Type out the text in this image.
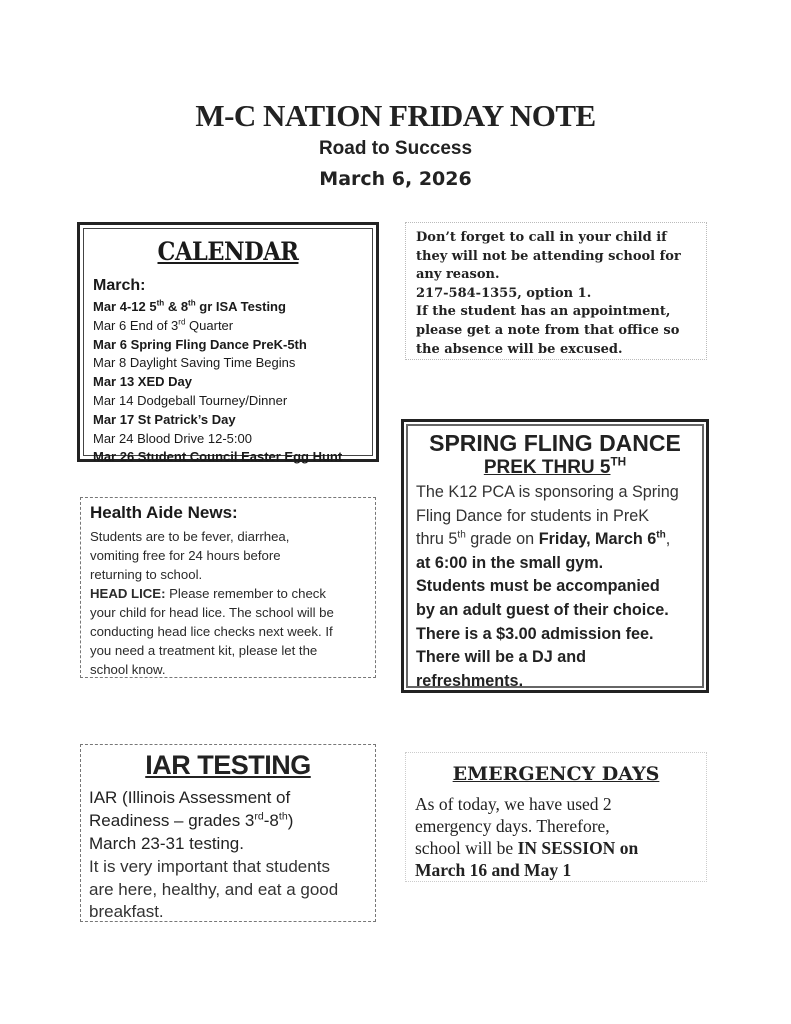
M-C NATION FRIDAY NOTE
Road to Success
March 6, 2026
CALENDAR
March:
Mar 4-12 5th & 8th gr ISA Testing
Mar 6 End of 3rd Quarter
Mar 6 Spring Fling Dance PreK-5th
Mar 8 Daylight Saving Time Begins
Mar 13 XED Day
Mar 14 Dodgeball Tourney/Dinner
Mar 17 St Patrick’s Day
Mar 24 Blood Drive 12-5:00
Mar 26 Student Council Easter Egg Hunt
Don’t forget to call in your child if
they will not be attending school for
any reason.
217-584-1355, option 1.
If the student has an appointment,
please get a note from that office so
the absence will be excused.
Health Aide News:
Students are to be fever, diarrhea,
vomiting free for 24 hours before
returning to school.
HEAD LICE: Please remember to check
your child for head lice. The school will be
conducting head lice checks next week. If
you need a treatment kit, please let the
school know.
SPRING FLING DANCE
PREK THRU 5TH
The K12 PCA is sponsoring a Spring
Fling Dance for students in PreK
thru 5th grade on Friday, March 6th,
at 6:00 in the small gym.
Students must be accompanied
by an adult guest of their choice.
There is a $3.00 admission fee.
There will be a DJ and
refreshments.
IAR TESTING
IAR (Illinois Assessment of
Readiness – grades 3rd-8th)
March 23-31 testing.
It is very important that students
are here, healthy, and eat a good
breakfast.
EMERGENCY DAYS
As of today, we have used 2
emergency days. Therefore,
school will be IN SESSION on
March 16 and May 1
